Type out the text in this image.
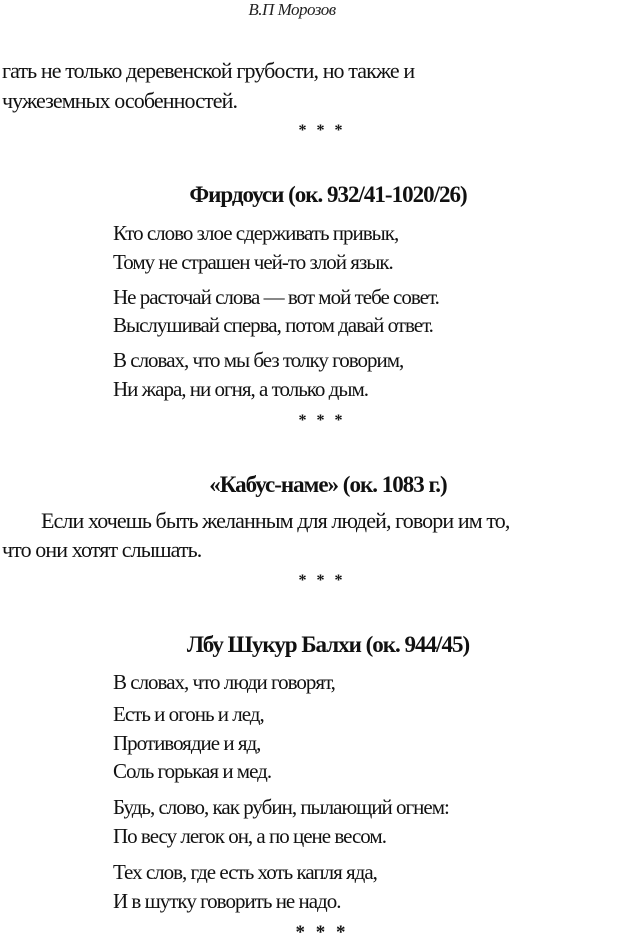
В.П Морозов
гать не только деревенской грубости, но также и
чужеземных особенностей.
* * *
Фирдоуси (ок. 932/41-1020/26)
Кто слово злое сдерживать привык,
Тому не страшен чей-то злой язык.
Не расточай слова — вот мой тебе совет.
Выслушивай сперва, потом давай ответ.
В словах, что мы без толку говорим,
Ни жара, ни огня, а только дым.
* * *
«Кабус-наме» (ок. 1083 г.)
Если хочешь быть желанным для людей, говори им то,
что они хотят слышать.
* * *
Лбу Шукур Балхи (ок. 944/45)
В словах, что люди говорят,
Есть и огонь и лед,
Противоядие и яд,
Соль горькая и мед.
Будь, слово, как рубин, пылающий огнем:
По весу легок он, а по цене весом.
Тех слов, где есть хоть капля яда,
И в шутку говорить не надо.
* * *
